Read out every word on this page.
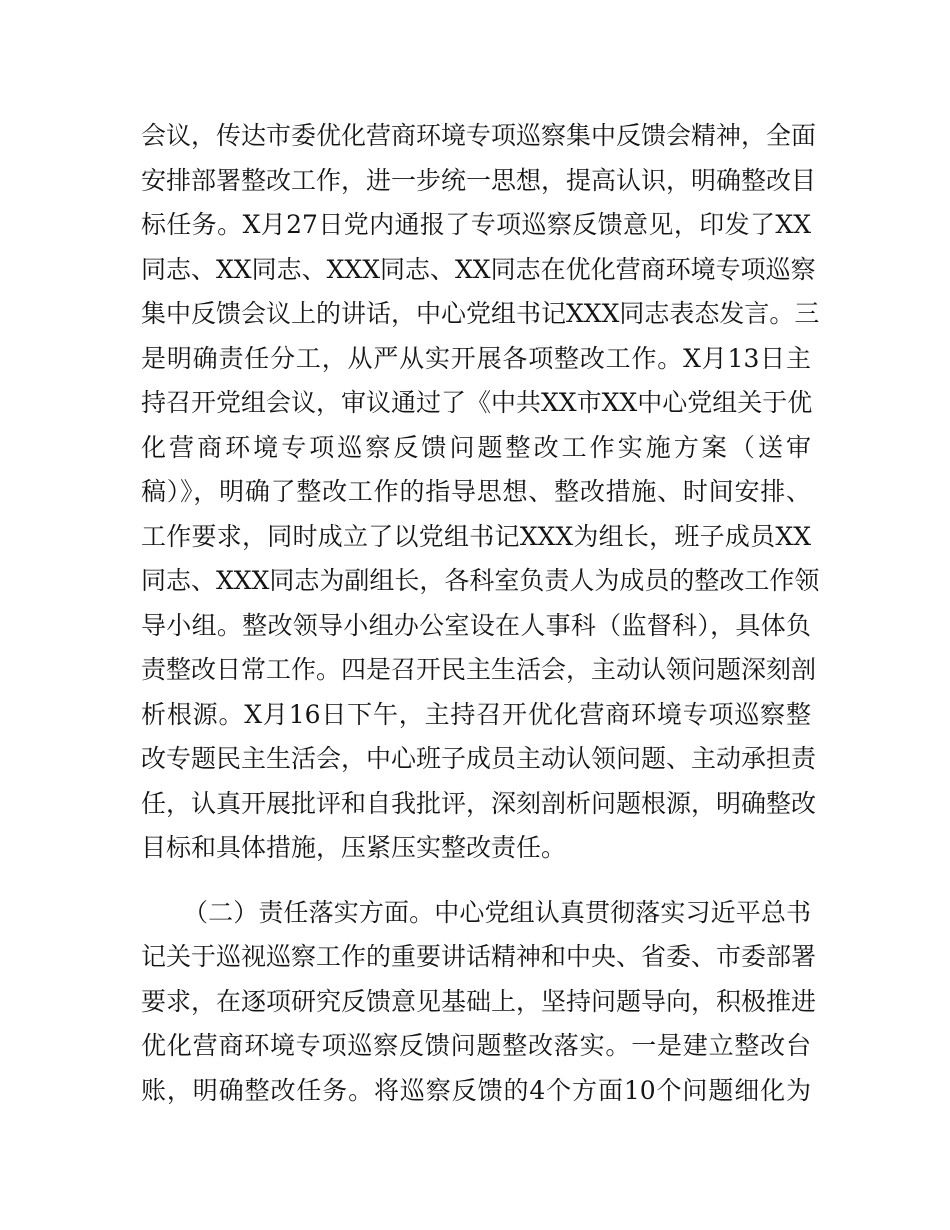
会议，传达市委优化营商环境专项巡察集中反馈会精神，全面
安排部署整改工作，进一步统一思想，提高认识，明确整改目
标任务。X月27日党内通报了专项巡察反馈意见，印发了XX
同志、XX同志、XXX同志、XX同志在优化营商环境专项巡察
集中反馈会议上的讲话，中心党组书记XXX同志表态发言。三
是明确责任分工，从严从实开展各项整改工作。X月13日主
持召开党组会议，审议通过了《中共XX市XX中心党组关于优
化营商环境专项巡察反馈问题整改工作实施方案（送审
稿）》，明确了整改工作的指导思想、整改措施、时间安排、
工作要求，同时成立了以党组书记XXX为组长，班子成员XX
同志、XXX同志为副组长，各科室负责人为成员的整改工作领
导小组。整改领导小组办公室设在人事科（监督科），具体负
责整改日常工作。四是召开民主生活会，主动认领问题深刻剖
析根源。X月16日下午，主持召开优化营商环境专项巡察整
改专题民主生活会，中心班子成员主动认领问题、主动承担责
任，认真开展批评和自我批评，深刻剖析问题根源，明确整改
目标和具体措施，压紧压实整改责任。
（二）责任落实方面。中心党组认真贯彻落实习近平总书
记关于巡视巡察工作的重要讲话精神和中央、省委、市委部署
要求，在逐项研究反馈意见基础上，坚持问题导向，积极推进
优化营商环境专项巡察反馈问题整改落实。一是建立整改台
账，明确整改任务。将巡察反馈的4个方面10个问题细化为
